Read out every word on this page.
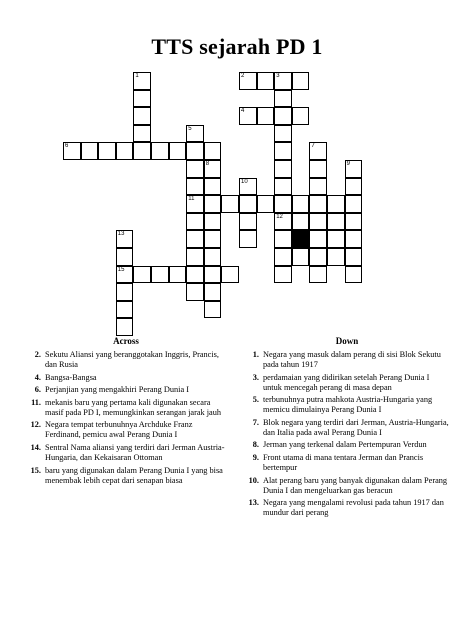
TTS sejarah PD 1
1	2	3
4
12
5
11
6	7
8	9
10
13
15
Across
2. Sekutu Aliansi yang beranggotakan Inggris, Prancis, dan Rusia
4. Bangsa-Bangsa
6. Perjanjian yang mengakhiri Perang Dunia I
11. mekanis baru yang pertama kali digunakan secara masif pada PD I, memungkinkan serangan jarak jauh
12. Negara tempat terbunuhnya Archduke Franz Ferdinand, pemicu awal Perang Dunia I
14. Sentral Nama aliansi yang terdiri dari Jerman Austria-Hungaria, dan Kekaisaran Ottoman
15. baru yang digunakan dalam Perang Dunia I yang bisa menembak lebih cepat dari senapan biasa
Down
1. Negara yang masuk dalam perang di sisi Blok Sekutu pada tahun 1917
3. perdamaian yang didirikan setelah Perang Dunia I untuk mencegah perang di masa depan
5. terbunuhnya putra mahkota Austria-Hungaria yang memicu dimulainya Perang Dunia I
7. Blok negara yang terdiri dari Jerman, Austria-Hungaria, dan Italia pada awal Perang Dunia I
8. Jerman yang terkenal dalam Pertempuran Verdun
9. Front utama di mana tentara Jerman dan Prancis bertempur
10. Alat perang baru yang banyak digunakan dalam Perang Dunia I dan mengeluarkan gas beracun
13. Negara yang mengalami revolusi pada tahun 1917 dan mundur dari perang
